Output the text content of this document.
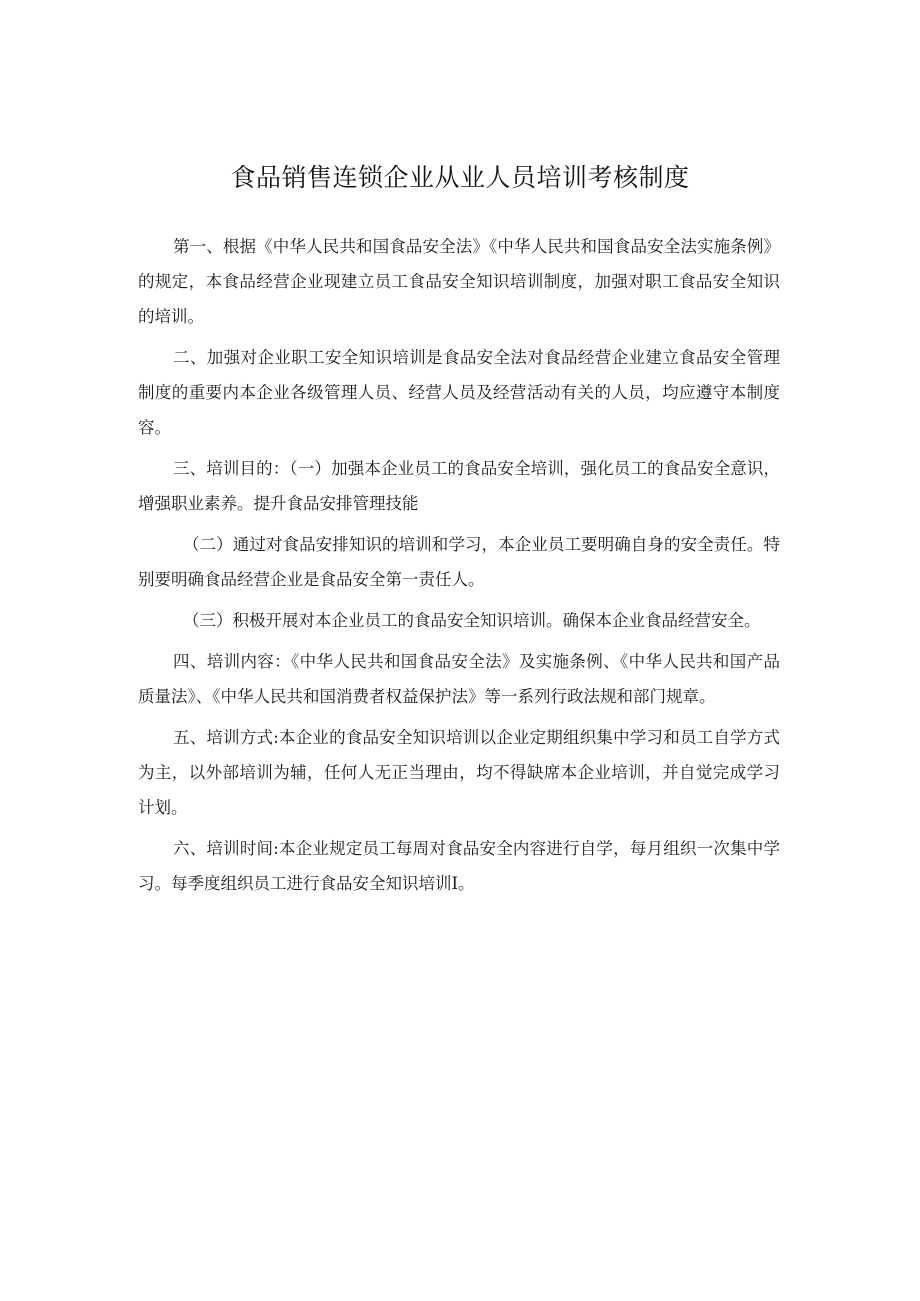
食品销售连锁企业从业人员培训考核制度

第一、根据《中华人民共和国食品安全法》《中华人民共和国食品安全法实施条例》的规定，本食品经营企业现建立员工食品安全知识培训制度，加强对职工食品安全知识的培训。

二、加强对企业职工安全知识培训是食品安全法对食品经营企业建立食品安全管理制度的重要内本企业各级管理人员、经营人员及经营活动有关的人员，均应遵守本制度容。

三、培训目的：（一）加强本企业员工的食品安全培训，强化员工的食品安全意识，增强职业素养。提升食品安排管理技能

（二）通过对食品安排知识的培训和学习，本企业员工要明确自身的安全责任。特别要明确食品经营企业是食品安全第一责任人。

（三）积极开展对本企业员工的食品安全知识培训。确保本企业食品经营安全。

四、培训内容：《中华人民共和国食品安全法》及实施条例、《中华人民共和国产品质量法》、《中华人民共和国消费者权益保护法》等一系列行政法规和部门规章。

五、培训方式:本企业的食品安全知识培训以企业定期组织集中学习和员工自学方式为主，以外部培训为辅，任何人无正当理由，均不得缺席本企业培训，并自觉完成学习计划。

六、培训时间:本企业规定员工每周对食品安全内容进行自学，每月组织一次集中学习。每季度组织员工进行食品安全知识培训Ⅰ。
